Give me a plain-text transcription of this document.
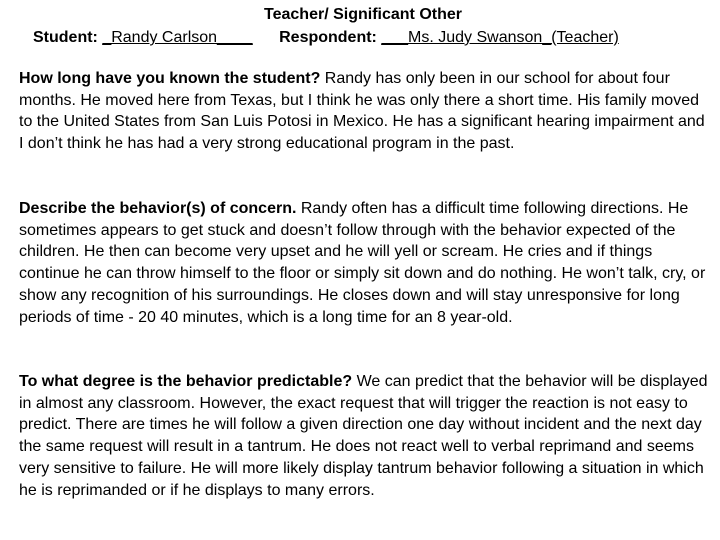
Teacher/ Significant Other
Student: _Randy Carlson____ Respondent: ___Ms. Judy Swanson_(Teacher)
How long have you known the student? Randy has only been in our school for about four months. He moved here from Texas, but I think he was only there a short time. His family moved to the United States from San Luis Potosi in Mexico. He has a significant hearing impairment and I don’t think he has had a very strong educational program in the past.
Describe the behavior(s) of concern. Randy often has a difficult time following directions. He sometimes appears to get stuck and doesn’t follow through with the behavior expected of the children. He then can become very upset and he will yell or scream. He cries and if things continue he can throw himself to the floor or simply sit down and do nothing. He won’t talk, cry, or show any recognition of his surroundings. He closes down and will stay unresponsive for long periods of time - 20 40 minutes, which is a long time for an 8 year-old.
To what degree is the behavior predictable? We can predict that the behavior will be displayed in almost any classroom. However, the exact request that will trigger the reaction is not easy to predict. There are times he will follow a given direction one day without incident and the next day the same request will result in a tantrum. He does not react well to verbal reprimand and seems very sensitive to failure. He will more likely display tantrum behavior following a situation in which he is reprimanded or if he displays to many errors.
